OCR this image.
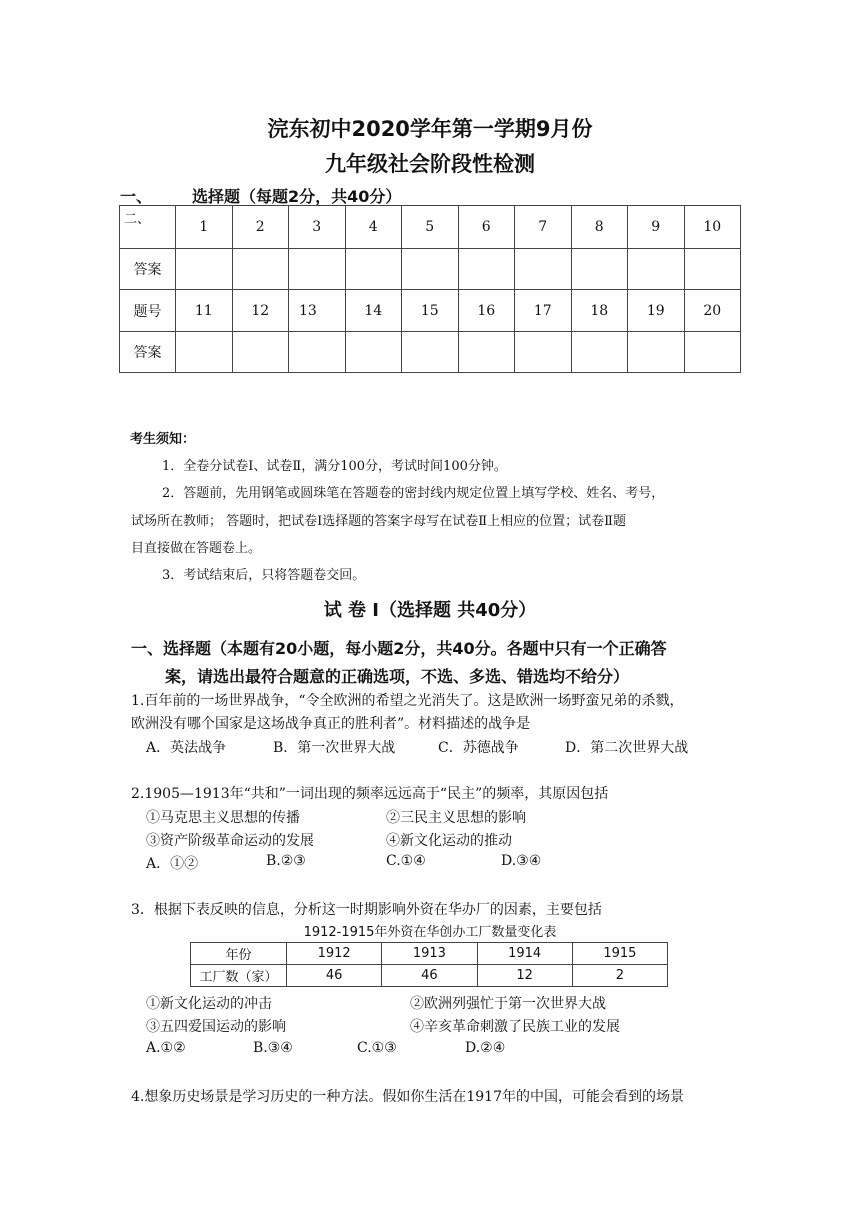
浣东初中2020学年第一学期9月份
九年级社会阶段性检测
一、	选择题（每题2分，共40分）
二、	1	2	3	4	5	6	7	8	9	10
答案										
题号	11	12	13	14	15	16	17	18	19	20
答案										
考生须知：
1．全卷分试卷Ⅰ、试卷Ⅱ，满分100分，考试时间100分钟。
2．答题前，先用钢笔或圆珠笔在答题卷的密封线内规定位置上填写学校、姓名、考号，
试场所在教师； 答题时，把试卷Ⅰ选择题的答案字母写在试卷Ⅱ上相应的位置；试卷Ⅱ题
目直接做在答题卷上。
3．考试结束后，只将答题卷交回。
试 卷 Ⅰ（选择题 共40分）
一、选择题（本题有20小题，每小题2分，共40分。各题中只有一个正确答
案，请选出最符合题意的正确选项，不选、多选、错选均不给分）
1.百年前的一场世界战争，“令全欧洲的希望之光消失了。这是欧洲一场野蛮兄弟的杀戮，
欧洲没有哪个国家是这场战争真正的胜利者”。材料描述的战争是
A．英法战争	B．第一次世界大战	C．苏德战争	D．第二次世界大战
2.1905—1913年“共和”一词出现的频率远远高于“民主”的频率，其原因包括
①马克思主义思想的传播	②三民主义思想的影响
③资产阶级革命运动的发展	④新文化运动的推动
A．①②	B.②③	C.①④	D.③④
3．根据下表反映的信息，分析这一时期影响外资在华办厂的因素，主要包括
1912-1915年外资在华创办工厂数量变化表
年份	1912	1913	1914	1915
工厂数（家）	46	46	12	2
①新文化运动的冲击	②欧洲列强忙于第一次世界大战
③五四爱国运动的影响	④辛亥革命刺激了民族工业的发展
A.①②	B.③④	C.①③	D.②④
4.想象历史场景是学习历史的一种方法。假如你生活在1917年的中国，可能会看到的场景
